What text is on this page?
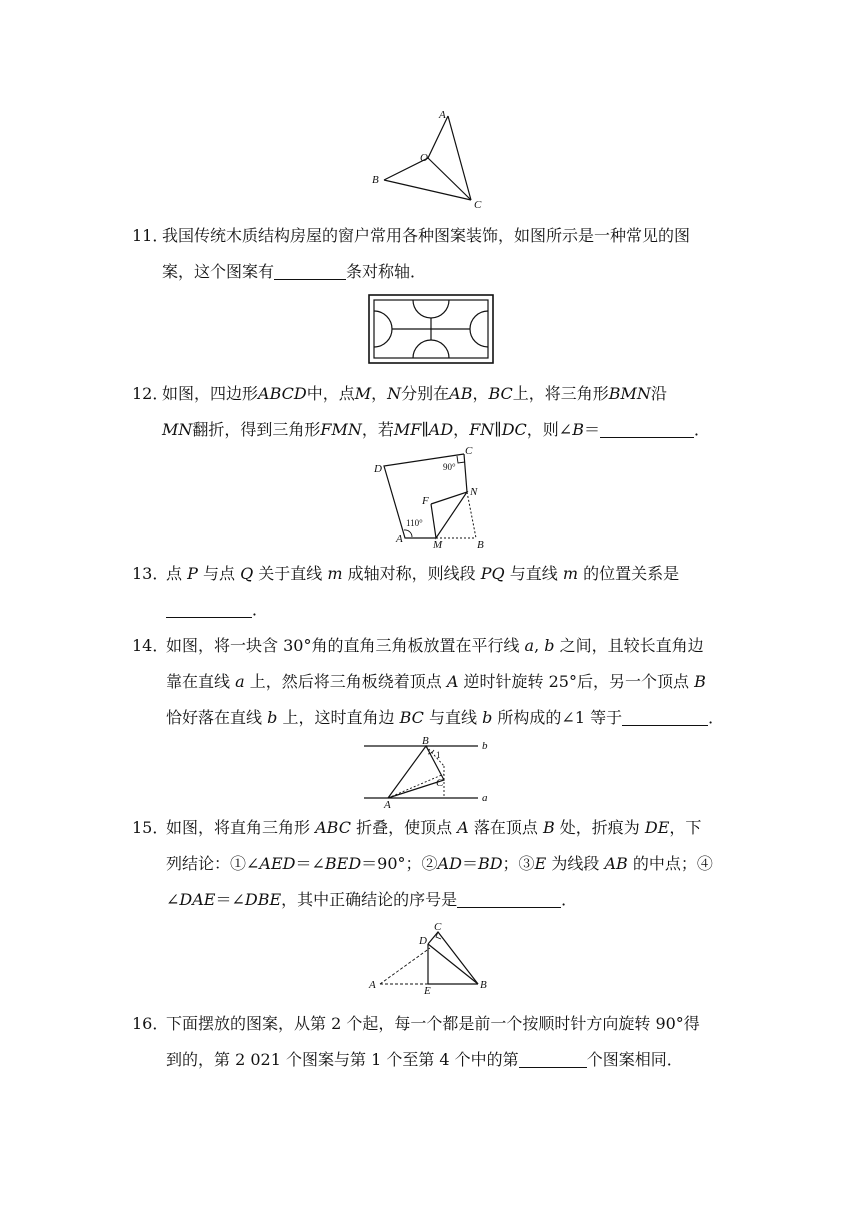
A
O
B
C
11．
我国传统木质结构房屋的窗户常用各种图案装饰，如图所示是一种常见的图
案，这个图案有	条对称轴．
12．
如图，四边形ABCD中，点M，N分别在AB，BC上，将三角形BMN沿
MN翻折，得到三角形FMN，若MF∥AD，FN∥DC，则∠B＝	．
D
C
90°
F
N
110°
A	M	B
13．
点 P 与点 Q 关于直线 m 成轴对称，则线段 PQ 与直线 m 的位置关系是
．
14．
如图，将一块含 30°角的直角三角板放置在平行线 a, b 之间，且较长直角边
靠在直线 a 上，然后将三角板绕着顶点 A 逆时针旋转 25°后，另一个顶点 B
恰好落在直线 b 上，这时直角边 BC 与直线 b 所构成的∠1 等于	．
B
1
C
A
b
a
15．
如图，将直角三角形 ABC 折叠，使顶点 A 落在顶点 B 处，折痕为 DE，下
列结论：①∠AED＝∠BED＝90°；②AD＝BD；③E 为线段 AB 的中点；④
∠DAE＝∠DBE，其中正确结论的序号是	．
C
D
A	E	B
16．
下面摆放的图案，从第 2 个起，每一个都是前一个按顺时针方向旋转 90°得
到的，第 2 021 个图案与第 1 个至第 4 个中的第	个图案相同．
